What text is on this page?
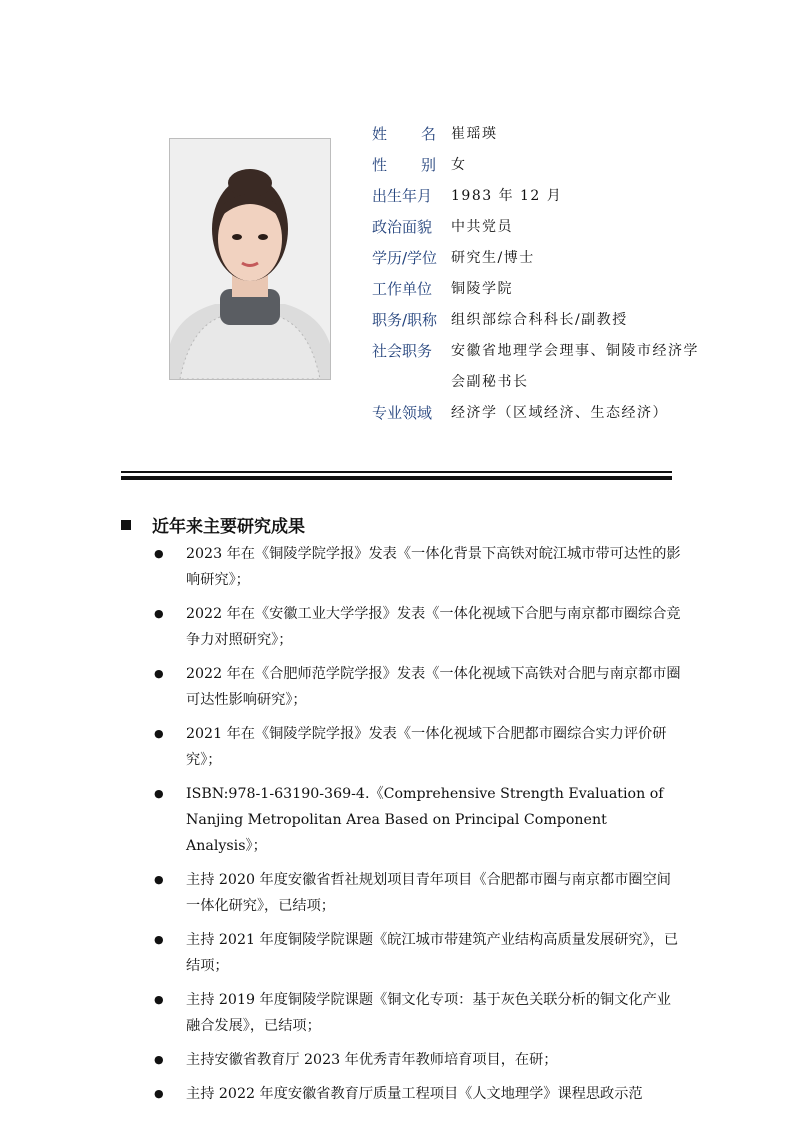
姓 名 崔瑶瑛
性 别 女
出生年月	1983 年 12 月
政治面貌	中共党员
学历/学位 研究生/博士
工作单位	铜陵学院
职务/职称 组织部综合科科长/副教授
社会职务	安徽省地理学会理事、铜陵市经济学会副秘书长
专业领域	经济学（区域经济、生态经济）
近年来主要研究成果
●	2023 年在《铜陵学院学报》发表《一体化背景下高铁对皖江城市带可达性的影响研究》；
●	2022 年在《安徽工业大学学报》发表《一体化视域下合肥与南京都市圈综合竞争力对照研究》；
●	2022 年在《合肥师范学院学报》发表《一体化视域下高铁对合肥与南京都市圈可达性影响研究》；
●	2021 年在《铜陵学院学报》发表《一体化视域下合肥都市圈综合实力评价研究》；
●	ISBN:978-1-63190-369-4.《Comprehensive Strength Evaluation of Nanjing Metropolitan Area Based on Principal Component Analysis》；
●	主持 2020 年度安徽省哲社规划项目青年项目《合肥都市圈与南京都市圈空间一体化研究》，已结项；
●	主持 2021 年度铜陵学院课题《皖江城市带建筑产业结构高质量发展研究》，已结项；
●	主持 2019 年度铜陵学院课题《铜文化专项：基于灰色关联分析的铜文化产业融合发展》，已结项；
●	主持安徽省教育厅 2023 年优秀青年教师培育项目，在研；
●	主持 2022 年度安徽省教育厅质量工程项目《人文地理学》课程思政示范
